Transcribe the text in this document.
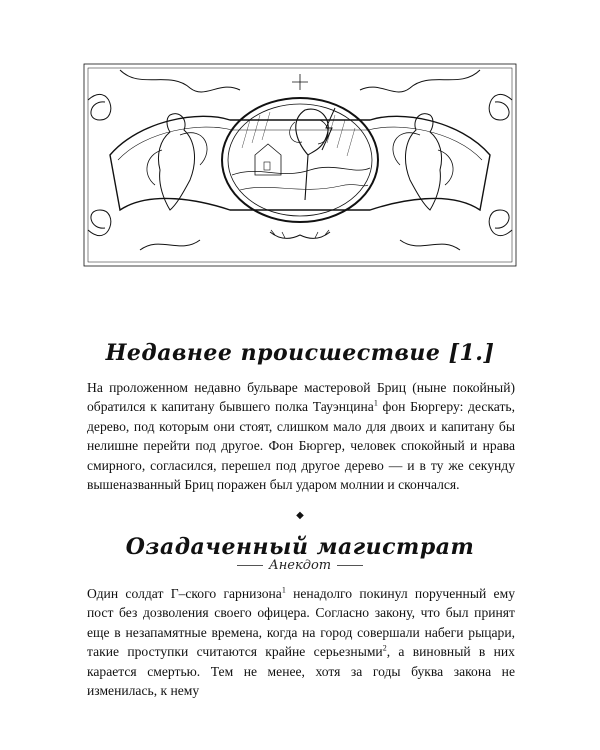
Недавнее происшествие [1.]

На проложенном недавно бульваре мастеровой Бриц (ныне покойный) обратился к капитану бывшего полка Тауэнцина$^1$ фон Бюргеру: дескать, дерево, под которым они стоят, слишком мало для двоих и капитану бы нелишне перейти под другое. Фон Бюргер, человек спокойный и нрава смирного, согласился, перешел под другое дерево — и в ту же секунду вышеназванный Бриц поражен был ударом молнии и скончался.

◆
Озадаченный магистрат
Анекдот

Один солдат Г–ского гарнизона$^1$ ненадолго покинул порученный ему пост без дозволения своего офицера. Согласно закону, что был принят еще в незапамятные времена, когда на город совершали набеги рыцари, такие проступки считаются крайне серьезными$^2$, а виновный в них карается смертью. Тем не менее, хотя за годы буква закона не изменилась, к нему
